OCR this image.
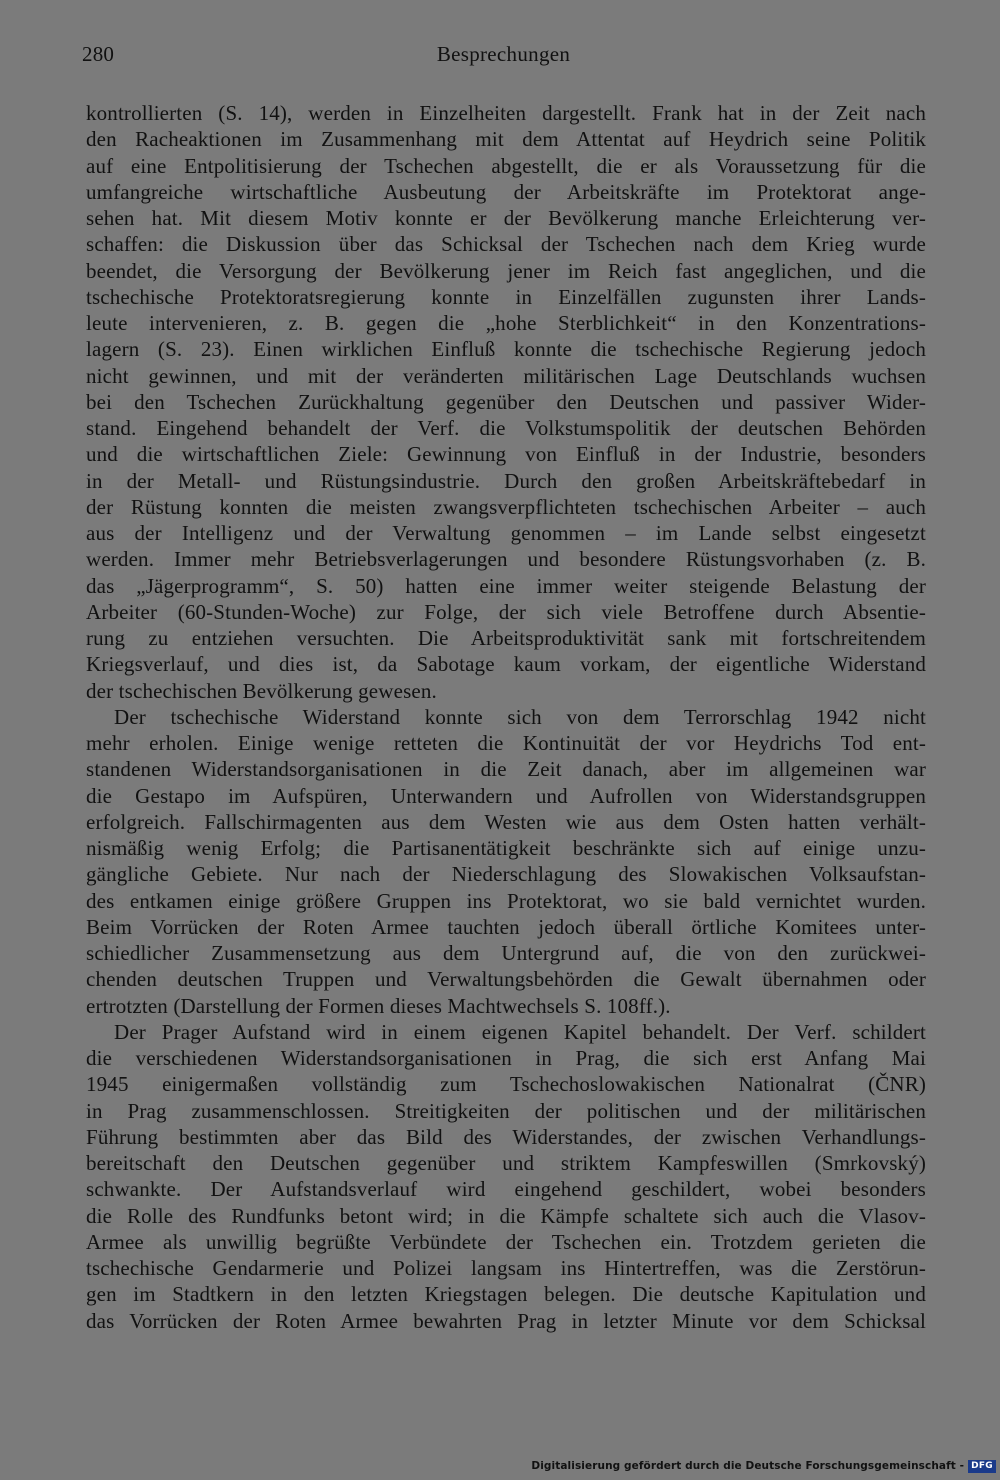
280	Besprechungen
kontrollierten (S. 14), werden in Einzelheiten dargestellt. Frank hat in der Zeit nach
den Racheaktionen im Zusammenhang mit dem Attentat auf Heydrich seine Politik
auf eine Entpolitisierung der Tschechen abgestellt, die er als Voraussetzung für die
umfangreiche wirtschaftliche Ausbeutung der Arbeitskräfte im Protektorat ange-
sehen hat. Mit diesem Motiv konnte er der Bevölkerung manche Erleichterung ver-
schaffen: die Diskussion über das Schicksal der Tschechen nach dem Krieg wurde
beendet, die Versorgung der Bevölkerung jener im Reich fast angeglichen, und die
tschechische Protektoratsregierung konnte in Einzelfällen zugunsten ihrer Lands-
leute intervenieren, z. B. gegen die „hohe Sterblichkeit“ in den Konzentrations-
lagern (S. 23). Einen wirklichen Einfluß konnte die tschechische Regierung jedoch
nicht gewinnen, und mit der veränderten militärischen Lage Deutschlands wuchsen
bei den Tschechen Zurückhaltung gegenüber den Deutschen und passiver Wider-
stand. Eingehend behandelt der Verf. die Volkstumspolitik der deutschen Behörden
und die wirtschaftlichen Ziele: Gewinnung von Einfluß in der Industrie, besonders
in der Metall- und Rüstungsindustrie. Durch den großen Arbeitskräftebedarf in
der Rüstung konnten die meisten zwangsverpflichteten tschechischen Arbeiter – auch
aus der Intelligenz und der Verwaltung genommen – im Lande selbst eingesetzt
werden. Immer mehr Betriebsverlagerungen und besondere Rüstungsvorhaben (z. B.
das „Jägerprogramm“, S. 50) hatten eine immer weiter steigende Belastung der
Arbeiter (60-Stunden-Woche) zur Folge, der sich viele Betroffene durch Absentie-
rung zu entziehen versuchten. Die Arbeitsproduktivität sank mit fortschreitendem
Kriegsverlauf, und dies ist, da Sabotage kaum vorkam, der eigentliche Widerstand
der tschechischen Bevölkerung gewesen.
Der tschechische Widerstand konnte sich von dem Terrorschlag 1942 nicht
mehr erholen. Einige wenige retteten die Kontinuität der vor Heydrichs Tod ent-
standenen Widerstandsorganisationen in die Zeit danach, aber im allgemeinen war
die Gestapo im Aufspüren, Unterwandern und Aufrollen von Widerstandsgruppen
erfolgreich. Fallschirmagenten aus dem Westen wie aus dem Osten hatten verhält-
nismäßig wenig Erfolg; die Partisanentätigkeit beschränkte sich auf einige unzu-
gängliche Gebiete. Nur nach der Niederschlagung des Slowakischen Volksaufstan-
des entkamen einige größere Gruppen ins Protektorat, wo sie bald vernichtet wurden.
Beim Vorrücken der Roten Armee tauchten jedoch überall örtliche Komitees unter-
schiedlicher Zusammensetzung aus dem Untergrund auf, die von den zurückwei-
chenden deutschen Truppen und Verwaltungsbehörden die Gewalt übernahmen oder
ertrotzten (Darstellung der Formen dieses Machtwechsels S. 108ff.).
Der Prager Aufstand wird in einem eigenen Kapitel behandelt. Der Verf. schildert
die verschiedenen Widerstandsorganisationen in Prag, die sich erst Anfang Mai
1945 einigermaßen vollständig zum Tschechoslowakischen Nationalrat (ČNR)
in Prag zusammenschlossen. Streitigkeiten der politischen und der militärischen
Führung bestimmten aber das Bild des Widerstandes, der zwischen Verhandlungs-
bereitschaft den Deutschen gegenüber und striktem Kampfeswillen (Smrkovský)
schwankte. Der Aufstandsverlauf wird eingehend geschildert, wobei besonders
die Rolle des Rundfunks betont wird; in die Kämpfe schaltete sich auch die Vlasov-
Armee als unwillig begrüßte Verbündete der Tschechen ein. Trotzdem gerieten die
tschechische Gendarmerie und Polizei langsam ins Hintertreffen, was die Zerstörun-
gen im Stadtkern in den letzten Kriegstagen belegen. Die deutsche Kapitulation und
das Vorrücken der Roten Armee bewahrten Prag in letzter Minute vor dem Schicksal
Digitalisierung gefördert durch die Deutsche Forschungsgemeinschaft - DFG
